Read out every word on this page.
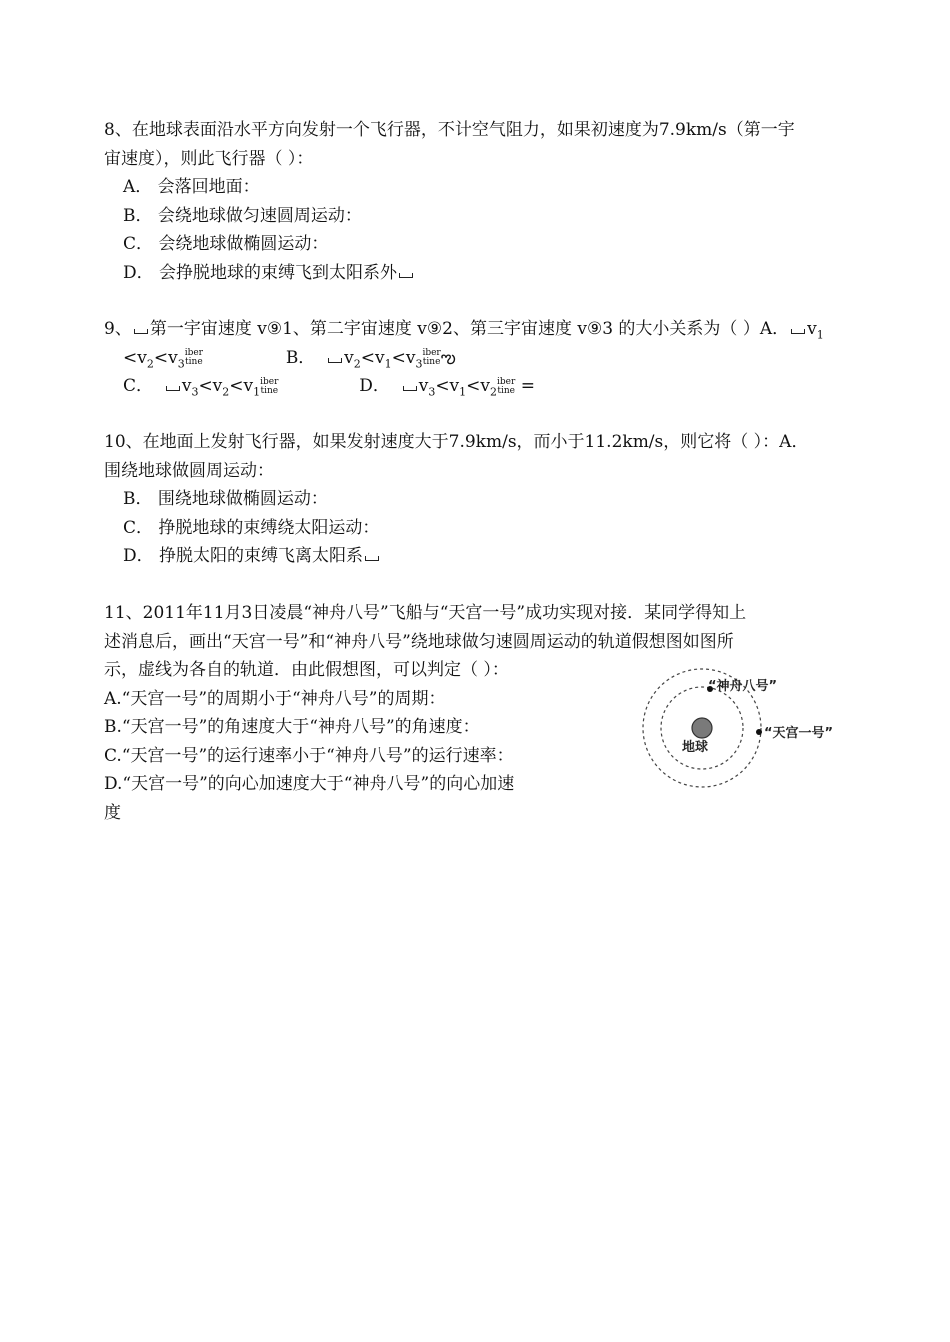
8、在地球表面沿水平方向发射一个飞行器，不计空气阻力，如果初速度为7.9km/s（第一宇
宙速度），则此飞行器（ ）：
A． 会落回地面：
B． 会绕地球做匀速圆周运动：
C． 会绕地球做椭圆运动：
D． 会挣脱地球的束缚飞到太阳系外
9、 第一宇宙速度 v⑨1、第二宇宙速度 v⑨2、第三宇宙速度 v⑨3 的大小关系为（ ）A． $v_1$
$<v_2<v_3iber$
tine	B． $v_2<v_1<v_3iber$
tineఌ
C． $v_3<v_2<v_1iber$
tine	D． $v_3<v_1<v_2iber$
tine =
10、在地面上发射飞行器，如果发射速度大于7.9km/s，而小于11.2km/s，则它将（ ）：A．
围绕地球做圆周运动：
B． 围绕地球做椭圆运动：
C． 挣脱地球的束缚绕太阳运动：
D． 挣脱太阳的束缚飞离太阳系
11、2011年11月3日凌晨“神舟八号”飞船与“天宫一号”成功实现对接．某同学得知上
述消息后，画出“天宫一号”和“神舟八号”绕地球做匀速圆周运动的轨道假想图如图所
示，虚线为各自的轨道．由此假想图，可以判定（ ）：
A.“天宫一号”的周期小于“神舟八号”的周期：
B.“天宫一号”的角速度大于“神舟八号”的角速度：
C.“天宫一号”的运行速率小于“神舟八号”的运行速率：
D.“天宫一号”的向心加速度大于“神舟八号”的向心加速
度
“神舟八号”
“天宫一号”
地球
